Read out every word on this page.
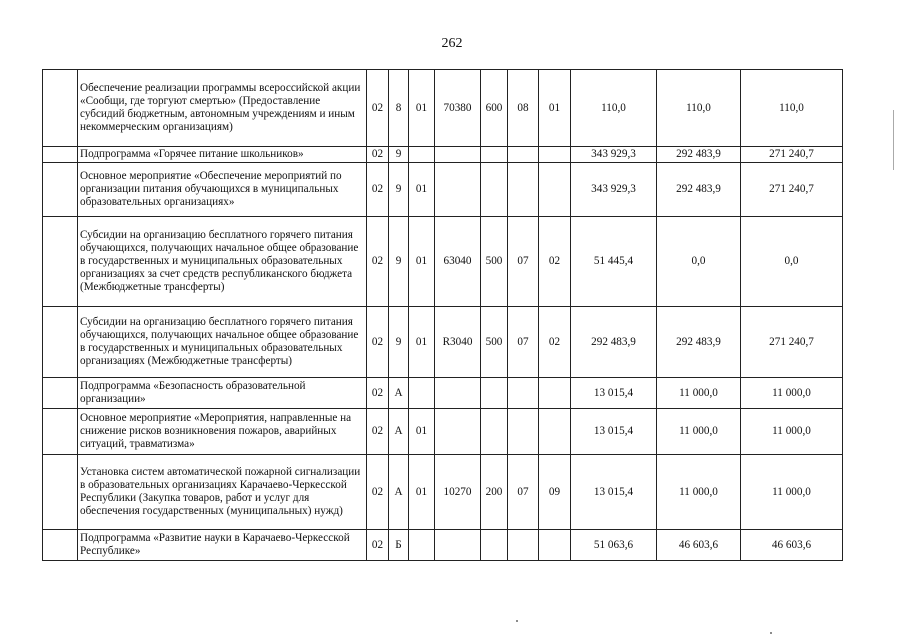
262
	Обеспечение реализации программы всероссийской акции «Сообщи, где торгуют смертью» (Предоставление субсидий бюджетным, автономным учреждениям и иным некоммерческим организациям)	02	8	01	70380	600	08	01	110,0	110,0	110,0
	Подпрограмма «Горячее питание школьников»	02	9						343 929,3	292 483,9	271 240,7
	Основное мероприятие «Обеспечение мероприятий по организации питания обучающихся в муниципальных образовательных организациях»	02	9	01					343 929,3	292 483,9	271 240,7
	Субсидии на организацию бесплатного горячего питания обучающихся, получающих начальное общее образование в государственных и муниципальных образовательных организациях за счет средств республиканского бюджета (Межбюджетные трансферты)	02	9	01	63040	500	07	02	51 445,4	0,0	0,0
	Субсидии на организацию бесплатного горячего питания обучающихся, получающих начальное общее образование в государственных и муниципальных образовательных организациях (Межбюджетные трансферты)	02	9	01	R3040	500	07	02	292 483,9	292 483,9	271 240,7
	Подпрограмма «Безопасность образовательной организации»	02	А						13 015,4	11 000,0	11 000,0
	Основное мероприятие «Мероприятия, направленные на снижение рисков возникновения пожаров, аварийных ситуаций, травматизма»	02	А	01					13 015,4	11 000,0	11 000,0
	Установка систем автоматической пожарной сигнализации в образовательных организациях Карачаево-Черкесской Республики (Закупка товаров, работ и услуг для обеспечения государственных (муниципальных) нужд)	02	А	01	10270	200	07	09	13 015,4	11 000,0	11 000,0
	Подпрограмма «Развитие науки в Карачаево-Черкесской Республике»	02	Б						51 063,6	46 603,6	46 603,6
